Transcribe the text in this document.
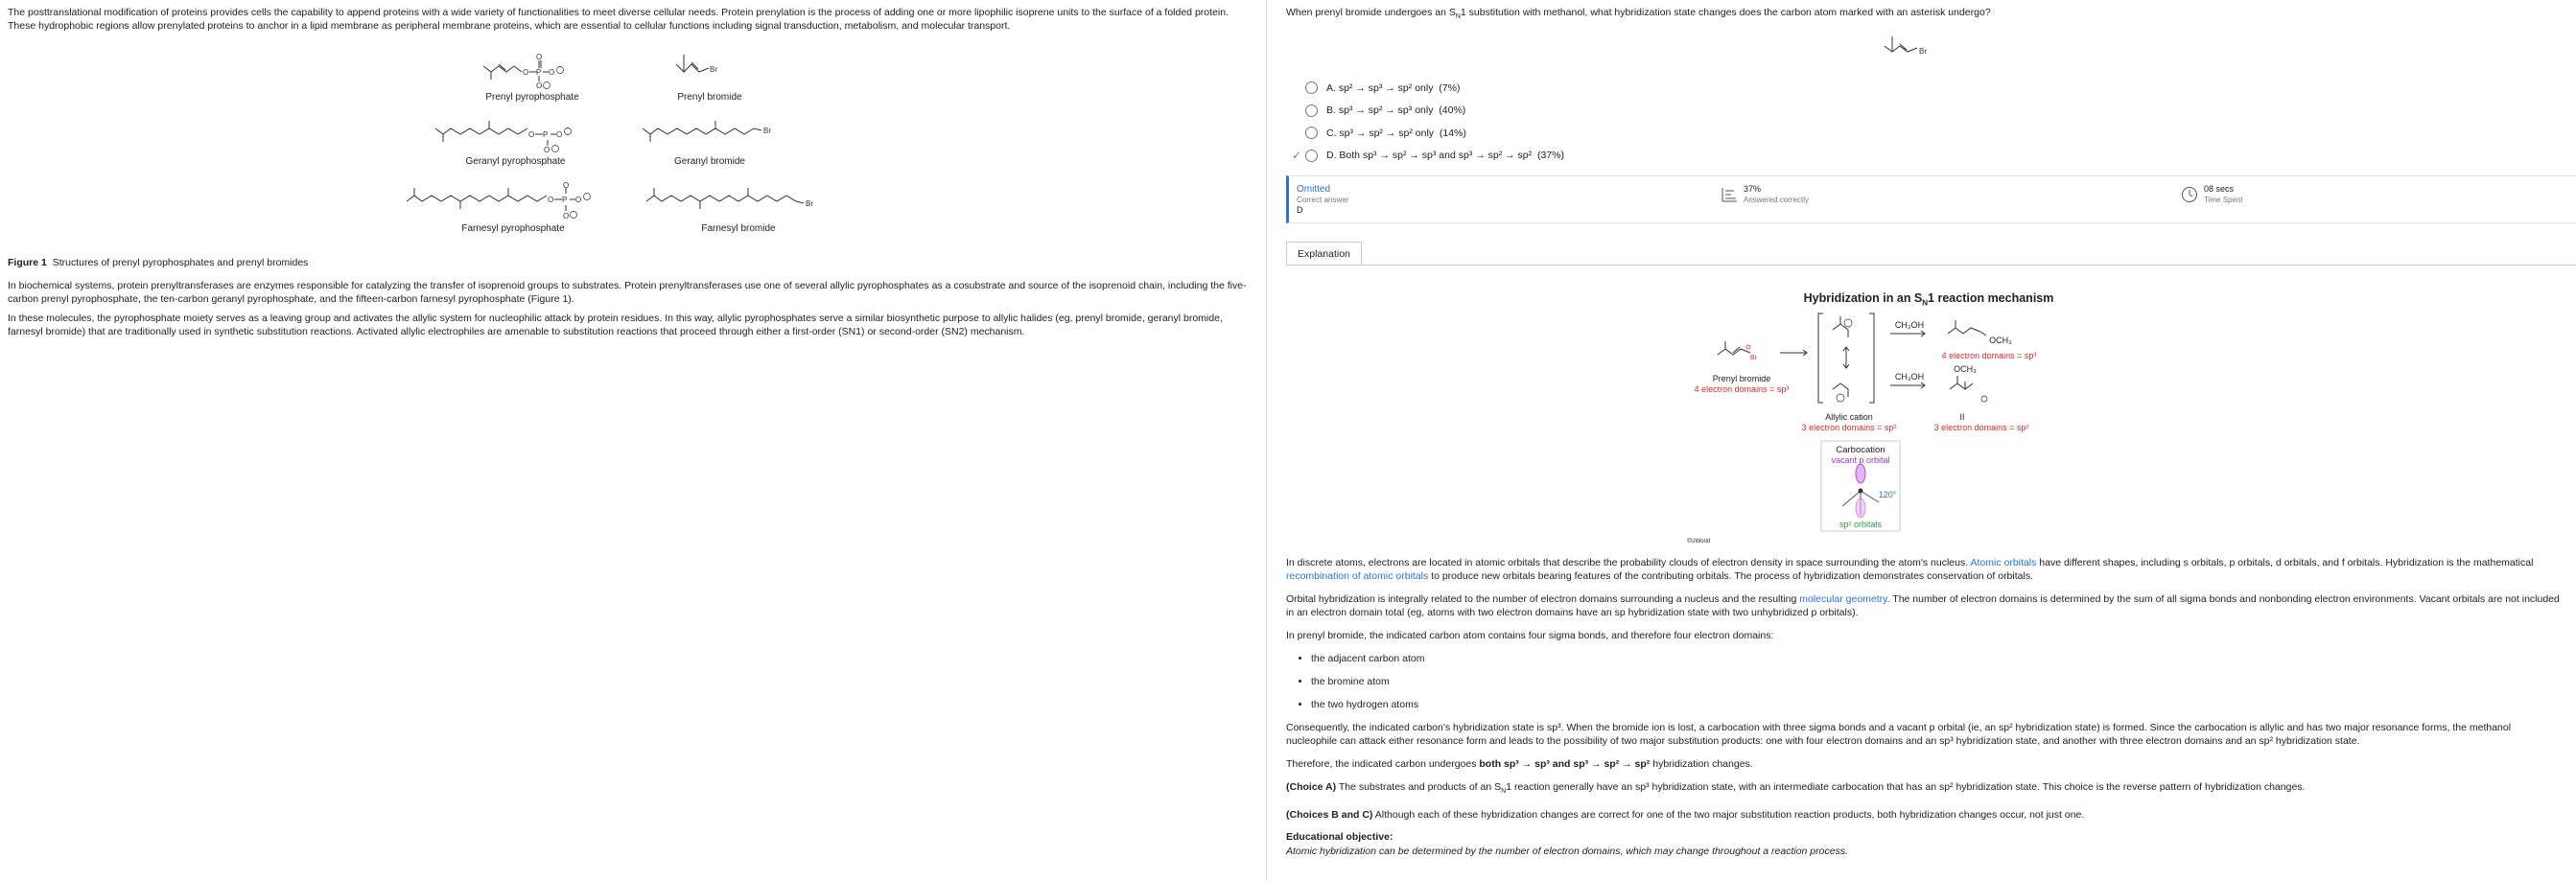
The posttranslational modification of proteins provides cells the capability to append proteins with a wide variety of functionalities to meet diverse cellular needs. Protein prenylation is the process of adding one or more lipophilic isoprene units to the surface of a folded protein. These hydrophobic regions allow prenylated proteins to anchor in a lipid membrane as peripheral membrane proteins, which are essential to cellular functions including signal transduction, metabolism, and molecular transport.

O P O
O
O
Prenyl pyrophosphate
Br
Prenyl bromide
O P O
O
Geranyl pyrophosphate
Br
Geranyl bromide
O P O
O
O
Farnesyl pyrophosphate
Br
Farnesyl bromide
Figure 1 Structures of prenyl pyrophosphates and prenyl bromides

In biochemical systems, protein prenyltransferases are enzymes responsible for catalyzing the transfer of isoprenoid groups to substrates. Protein prenyltransferases use one of several allylic pyrophosphates as a cosubstrate and source of the isoprenoid chain, including the five-carbon prenyl pyrophosphate, the ten-carbon geranyl pyrophosphate, and the fifteen-carbon farnesyl pyrophosphate (Figure 1).

In these molecules, the pyrophosphate moiety serves as a leaving group and activates the allylic system for nucleophilic attack by protein residues. In this way, allylic pyrophosphates serve a similar biosynthetic purpose to allylic halides (eg, prenyl bromide, geranyl bromide, farnesyl bromide) that are traditionally used in synthetic substitution reactions. Activated allylic electrophiles are amenable to substitution reactions that proceed through either a first-order (SN1) or second-order (SN2) mechanism.

When prenyl bromide undergoes an $S_N1$ substitution with methanol, what hybridization state changes does the carbon atom marked with an asterisk undergo?

Br
A.
sp² → sp³ → sp² only
(7%)
B.
sp³ → sp² → sp³ only
(40%)
C.
sp³ → sp² → sp² only
(14%)
✓ D.
Both sp³ → sp² → sp³ and sp³ → sp² → sp²
(37%)
Omitted
Correct answer
D
37%
Answered correctly
08 secs
Time Spent
Explanation
Hybridization in an $S_N1$ reaction mechanism
Br
CH₃OH
CH₃OH
OCH₃
4 electron domains = sp³
OCH₃
II
3 electron domains = sp²
Prenyl bromide
4 electron domains = sp³
Allylic cation
3 electron domains = sp²
Carbocation
vacant p orbital
120°
sp² orbitals
©UWorld

In discrete atoms, electrons are located in atomic orbitals that describe the probability clouds of electron density in space surrounding the atom's nucleus. Atomic orbitals have different shapes, including s orbitals, p orbitals, d orbitals, and f orbitals. Hybridization is the mathematical recombination of atomic orbitals to produce new orbitals bearing features of the contributing orbitals. The process of hybridization demonstrates conservation of orbitals.

Orbital hybridization is integrally related to the number of electron domains surrounding a nucleus and the resulting molecular geometry. The number of electron domains is determined by the sum of all sigma bonds and nonbonding electron environments. Vacant orbitals are not included in an electron domain total (eg, atoms with two electron domains have an sp hybridization state with two unhybridized p orbitals).

In prenyl bromide, the indicated carbon atom contains four sigma bonds, and therefore four electron domains:

• the adjacent carbon atom
• the bromine atom
• the two hydrogen atoms

Consequently, the indicated carbon's hybridization state is sp³. When the bromide ion is lost, a carbocation with three sigma bonds and a vacant p orbital (ie, an sp² hybridization state) is formed. Since the carbocation is allylic and has two major resonance forms, the methanol nucleophile can attack either resonance form and leads to the possibility of two major substitution products: one with four electron domains and an sp³ hybridization state, and another with three electron domains and an sp² hybridization state.

Therefore, the indicated carbon undergoes both sp³ → sp³ and sp³ → sp² → sp² hybridization changes.

(Choice A) The substrates and products of an $S_N1$ reaction generally have an sp³ hybridization state, with an intermediate carbocation that has an sp² hybridization state. This choice is the reverse pattern of hybridization changes.

(Choices B and C) Although each of these hybridization changes are correct for one of the two major substitution reaction products, both hybridization changes occur, not just one.

Educational objective:

Atomic hybridization can be determined by the number of electron domains, which may change throughout a reaction process.
